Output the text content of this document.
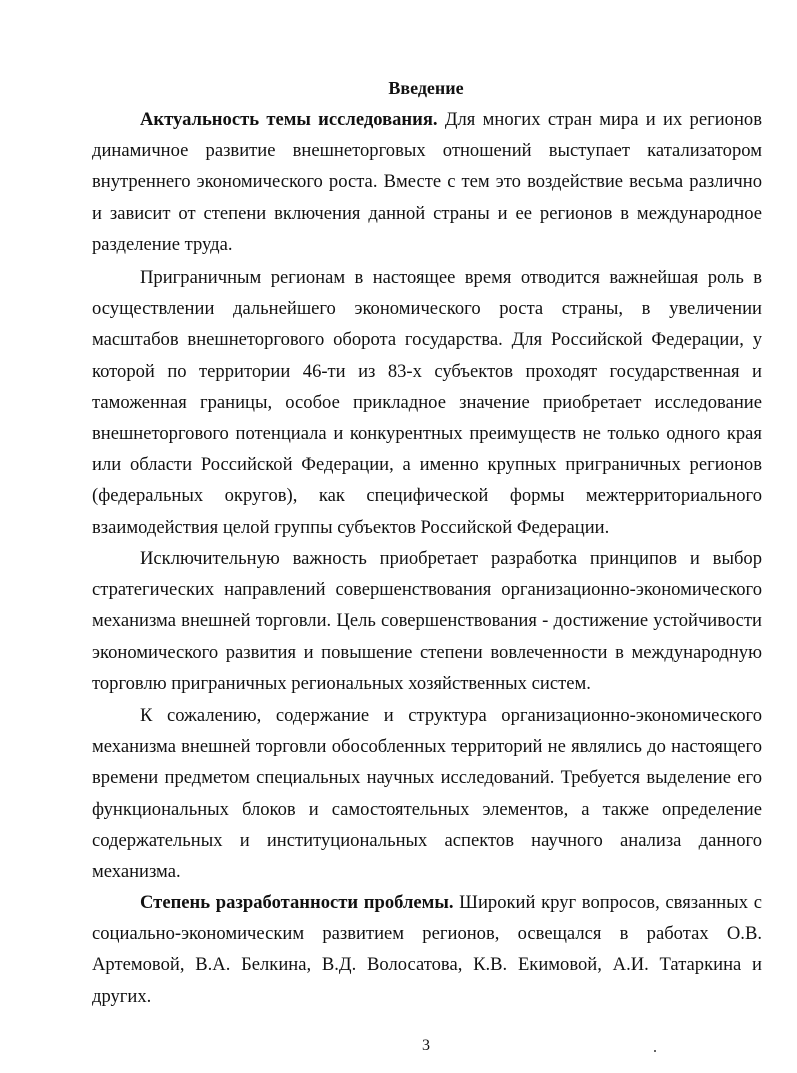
Введение

Актуальность темы исследования. Для многих стран мира и их регионов динамичное развитие внешнеторговых отношений выступает катализатором внутреннего экономического роста. Вместе с тем это воздействие весьма различно и зависит от степени включения данной страны и ее регионов в международное разделение труда.

Приграничным регионам в настоящее время отводится важнейшая роль в осуществлении дальнейшего экономического роста страны, в увеличении масштабов внешнеторгового оборота государства. Для Российской Федерации, у которой по территории 46-ти из 83-х субъектов проходят государственная и таможенная границы, особое прикладное значение приобретает исследование внешнеторгового потенциала и конкурентных преимуществ не только одного края или области Российской Федерации, а именно крупных приграничных регионов (федеральных округов), как специфической формы межтерриториального взаимодействия целой группы субъектов Российской Федерации.

Исключительную важность приобретает разработка принципов и выбор стратегических направлений совершенствования организационно-экономического механизма внешней торговли. Цель совершенствования - достижение устойчивости экономического развития и повышение степени вовлеченности в международную торговлю приграничных региональных хозяйственных систем.

К сожалению, содержание и структура организационно-экономического механизма внешней торговли обособленных территорий не являлись до настоящего времени предметом специальных научных исследований. Требуется выделение его функциональных блоков и самостоятельных элементов, а также определение содержательных и институциональных аспектов научного анализа данного механизма.

Степень разработанности проблемы. Широкий круг вопросов, связанных с социально-экономическим развитием регионов, освещался в работах О.В. Артемовой, В.А. Белкина, В.Д. Волосатова, К.В. Екимовой, А.И. Татаркина и других.

3
